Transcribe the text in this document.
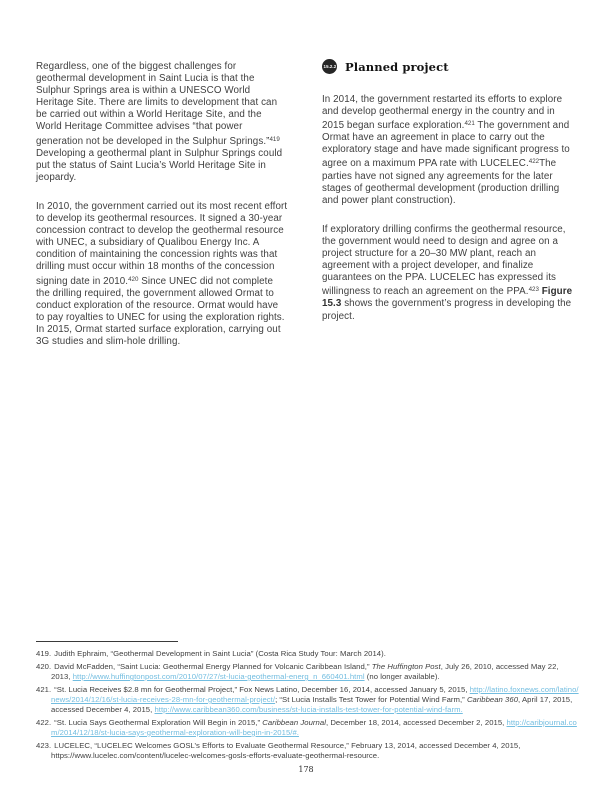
Regardless, one of the biggest challenges for geothermal development in Saint Lucia is that the Sulphur Springs area is within a UNESCO World Heritage Site. There are limits to development that can be carried out within a World Heritage Site, and the World Heritage Committee advises “that power generation not be developed in the Sulphur Springs.”$^{419}$ Developing a geothermal plant in Sulphur Springs could put the status of Saint Lucia’s World Heritage Site in jeopardy.

In 2010, the government carried out its most recent effort to develop its geothermal resources. It signed a 30-year concession contract to develop the geothermal resource with UNEC, a subsidiary of Qualibou Energy Inc. A condition of maintaining the concession rights was that drilling must occur within 18 months of the concession signing date in 2010.$^{420}$ Since UNEC did not complete the drilling required, the government allowed Ormat to conduct exploration of the resource. Ormat would have to pay royalties to UNEC for using the exploration rights. In 2015, Ormat started surface exploration, carrying out 3G studies and slim-hole drilling.

15.2.2 Planned project

In 2014, the government restarted its efforts to explore and develop geothermal energy in the country and in 2015 began surface exploration.$^{421}$ The government and Ormat have an agreement in place to carry out the exploratory stage and have made significant progress to agree on a maximum PPA rate with LUCELEC.$^{422}$The parties have not signed any agreements for the later stages of geothermal development (production drilling and power plant construction).

If exploratory drilling confirms the geothermal resource, the government would need to design and agree on a project structure for a 20–30 MW plant, reach an agreement with a project developer, and finalize guarantees on the PPA. LUCELEC has expressed its willingness to reach an agreement on the PPA.$^{423}$ Figure 15.3 shows the government’s progress in developing the project.

419. Judith Ephraim, “Geothermal Development in Saint Lucia” (Costa Rica Study Tour: March 2014).

420. David McFadden, “Saint Lucia: Geothermal Energy Planned for Volcanic Caribbean Island,” The Huffington Post, July 26, 2010, accessed May 22, 2013, http://www.huffingtonpost.com/2010/07/27/st-lucia-geothermal-energ_n_660401.html (no longer available).

421. “St. Lucia Receives $2.8 mn for Geothermal Project,” Fox News Latino, December 16, 2014, accessed January 5, 2015, http://latino.foxnews.com/latino/news/2014/12/16/st-lucia-receives-28-mn-for-geothermal-project/; “St Lucia Installs Test Tower for Potential Wind Farm,” Caribbean 360, April 17, 2015, accessed December 4, 2015, http://www.caribbean360.com/business/st-lucia-installs-test-tower-for-potential-wind-farm.

422. “St. Lucia Says Geothermal Exploration Will Begin in 2015,” Caribbean Journal, December 18, 2014, accessed December 2, 2015, http://caribjournal.com/2014/12/18/st-lucia-says-geothermal-exploration-will-begin-in-2015/#.

423. LUCELEC, “LUCELEC Welcomes GOSL’s Efforts to Evaluate Geothermal Resource,” February 13, 2014, accessed December 4, 2015, https://www.lucelec.com/content/lucelec-welcomes-gosls-efforts-evaluate-geothermal-resource.

178
